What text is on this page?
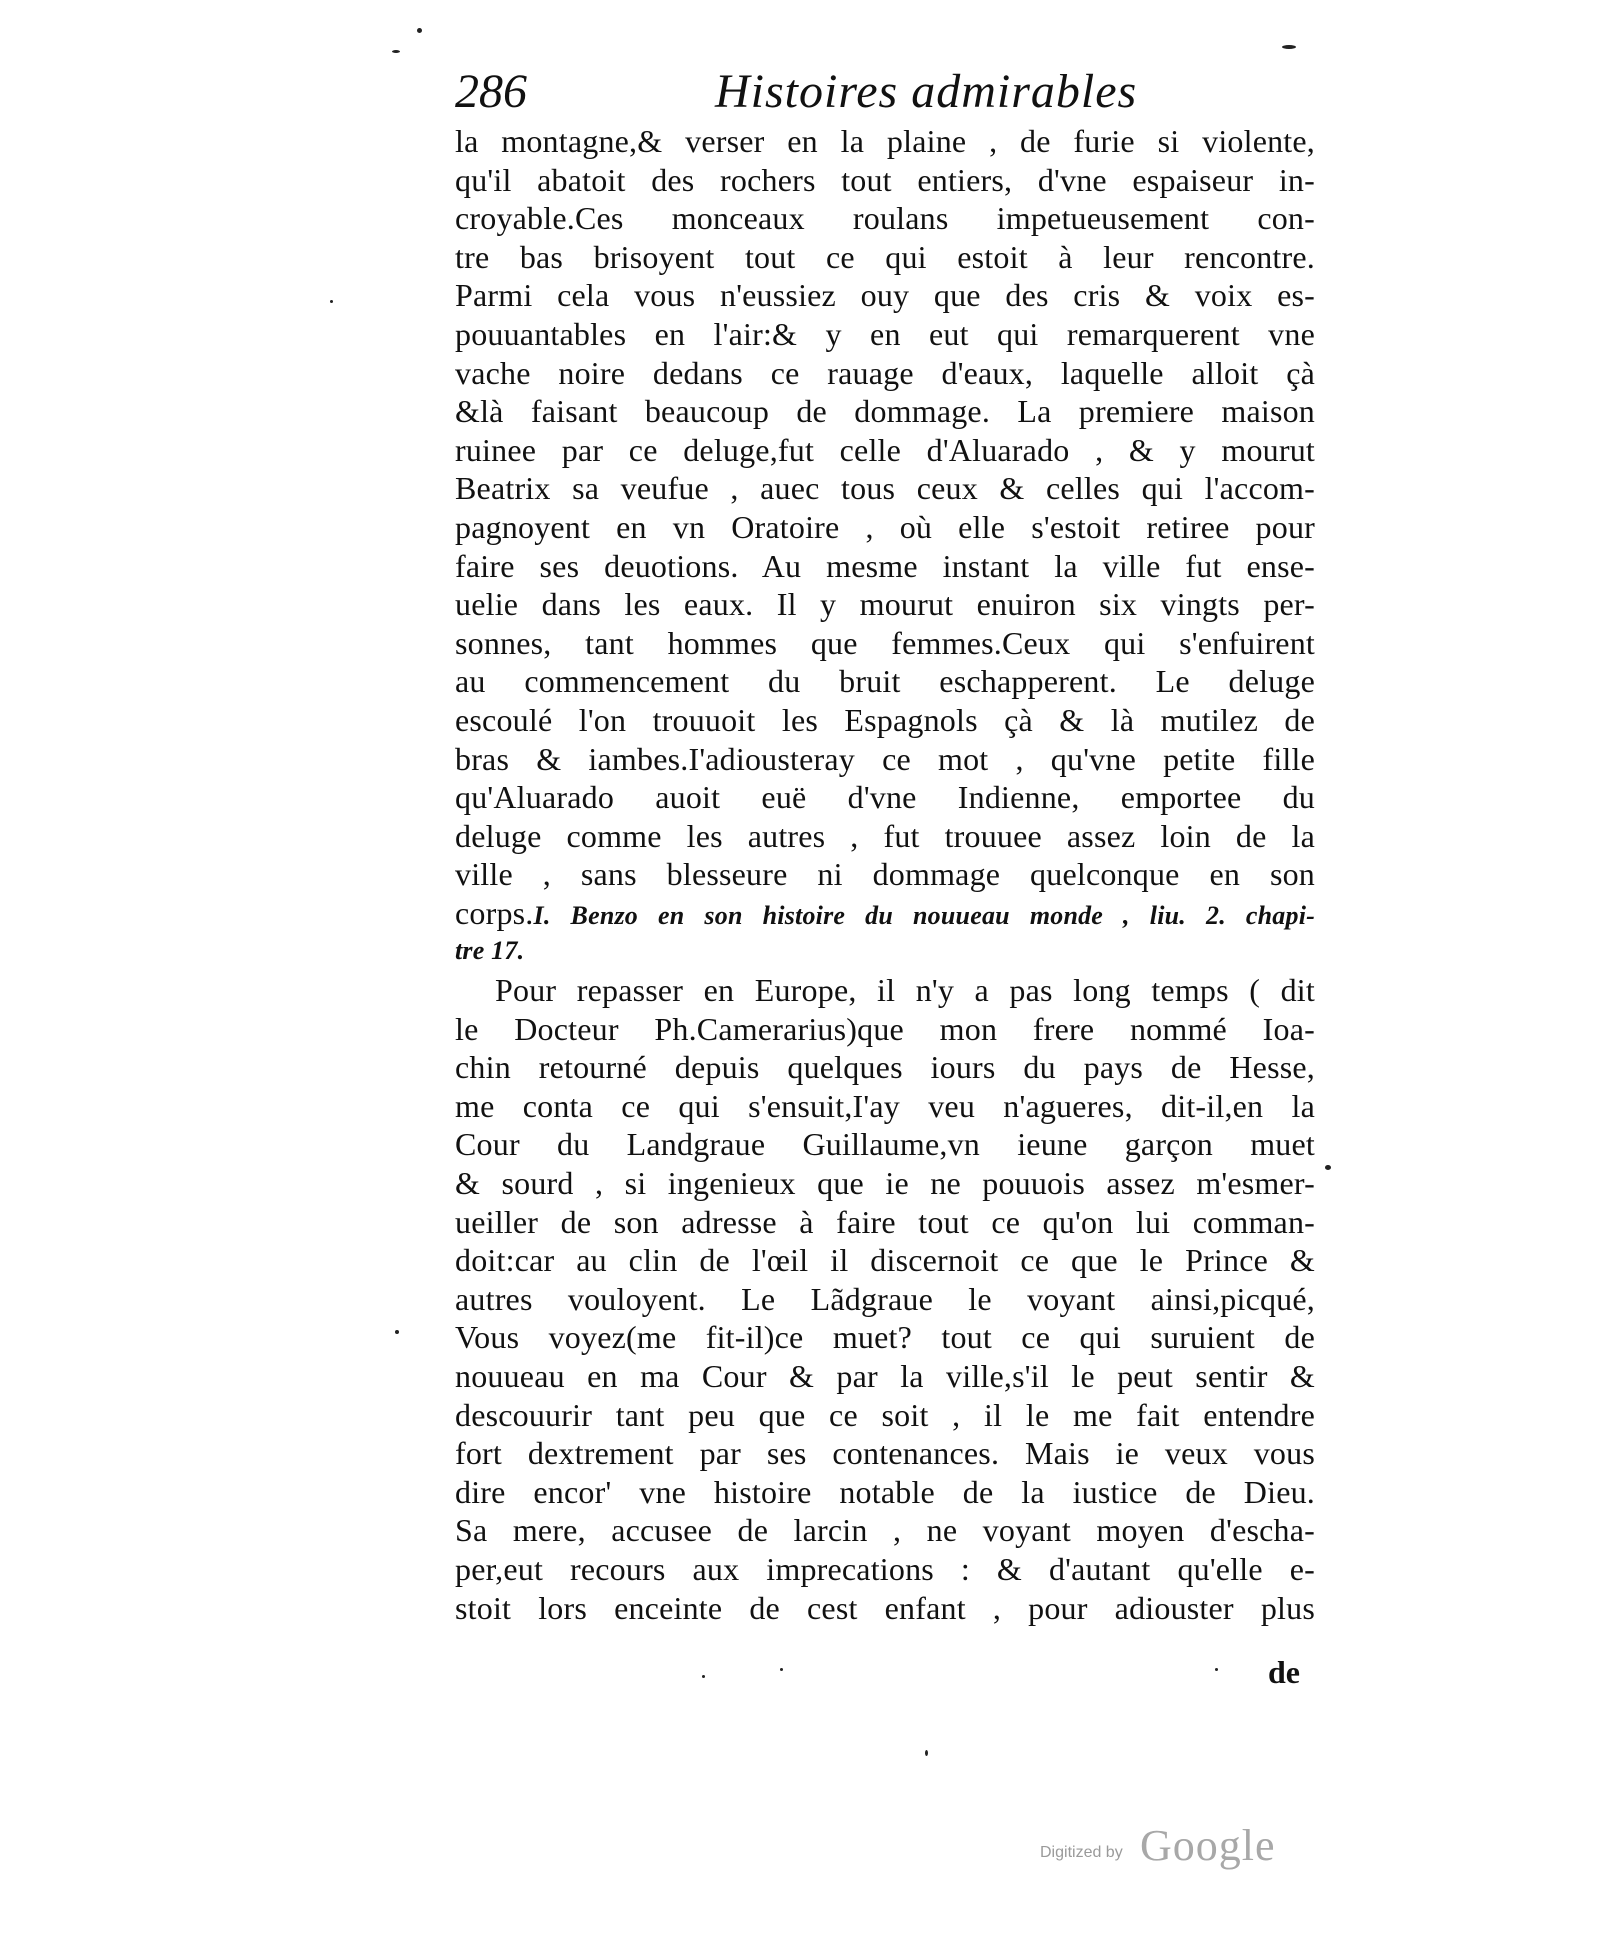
286	Histoires admirables
la montagne,& verser en la plaine , de furie si violente,
qu'il abatoit des rochers tout entiers, d'vne espaiseur in-
croyable.Ces monceaux roulans impetueusement con-
tre bas brisoyent tout ce qui estoit à leur rencontre.
Parmi cela vous n'eussiez ouy que des cris & voix es-
pouuantables en l'air:& y en eut qui remarquerent vne
vache noire dedans ce rauage d'eaux, laquelle alloit çà
&là faisant beaucoup de dommage. La premiere maison
ruinee par ce deluge,fut celle d'Aluarado , & y mourut
Beatrix sa veufue , auec tous ceux & celles qui l'accom-
pagnoyent en vn Oratoire , où elle s'estoit retiree pour
faire ses deuotions. Au mesme instant la ville fut ense-
uelie dans les eaux. Il y mourut enuiron six vingts per-
sonnes, tant hommes que femmes.Ceux qui s'enfuirent
au commencement du bruit eschapperent. Le deluge
escoulé l'on trouuoit les Espagnols çà & là mutilez de
bras & iambes.I'adiousteray ce mot , qu'vne petite fille
qu'Aluarado auoit euë d'vne Indienne, emportee du
deluge comme les autres , fut trouuee assez loin de la
ville , sans blesseure ni dommage quelconque en son
corps.I. Benzo en son histoire du nouueau monde , liu. 2. chapi-
tre 17.
Pour repasser en Europe, il n'y a pas long temps ( dit
le Docteur Ph.Camerarius)que mon frere nommé Ioa-
chin retourné depuis quelques iours du pays de Hesse,
me conta ce qui s'ensuit,I'ay veu n'agueres, dit-il,en la
Cour du Landgraue Guillaume,vn ieune garçon muet
& sourd , si ingenieux que ie ne pouuois assez m'esmer-
ueiller de son adresse à faire tout ce qu'on lui comman-
doit:car au clin de l'œil il discernoit ce que le Prince &
autres vouloyent. Le Lãdgraue le voyant ainsi,picqué,
Vous voyez(me fit-il)ce muet? tout ce qui suruient de
nouueau en ma Cour & par la ville,s'il le peut sentir &
descouurir tant peu que ce soit , il le me fait entendre
fort dextrement par ses contenances. Mais ie veux vous
dire encor' vne histoire notable de la iustice de Dieu.
Sa mere, accusee de larcin , ne voyant moyen d'escha-
per,eut recours aux imprecations : & d'autant qu'elle e-
stoit lors enceinte de cest enfant , pour adiouster plus
de
Digitized by Google
